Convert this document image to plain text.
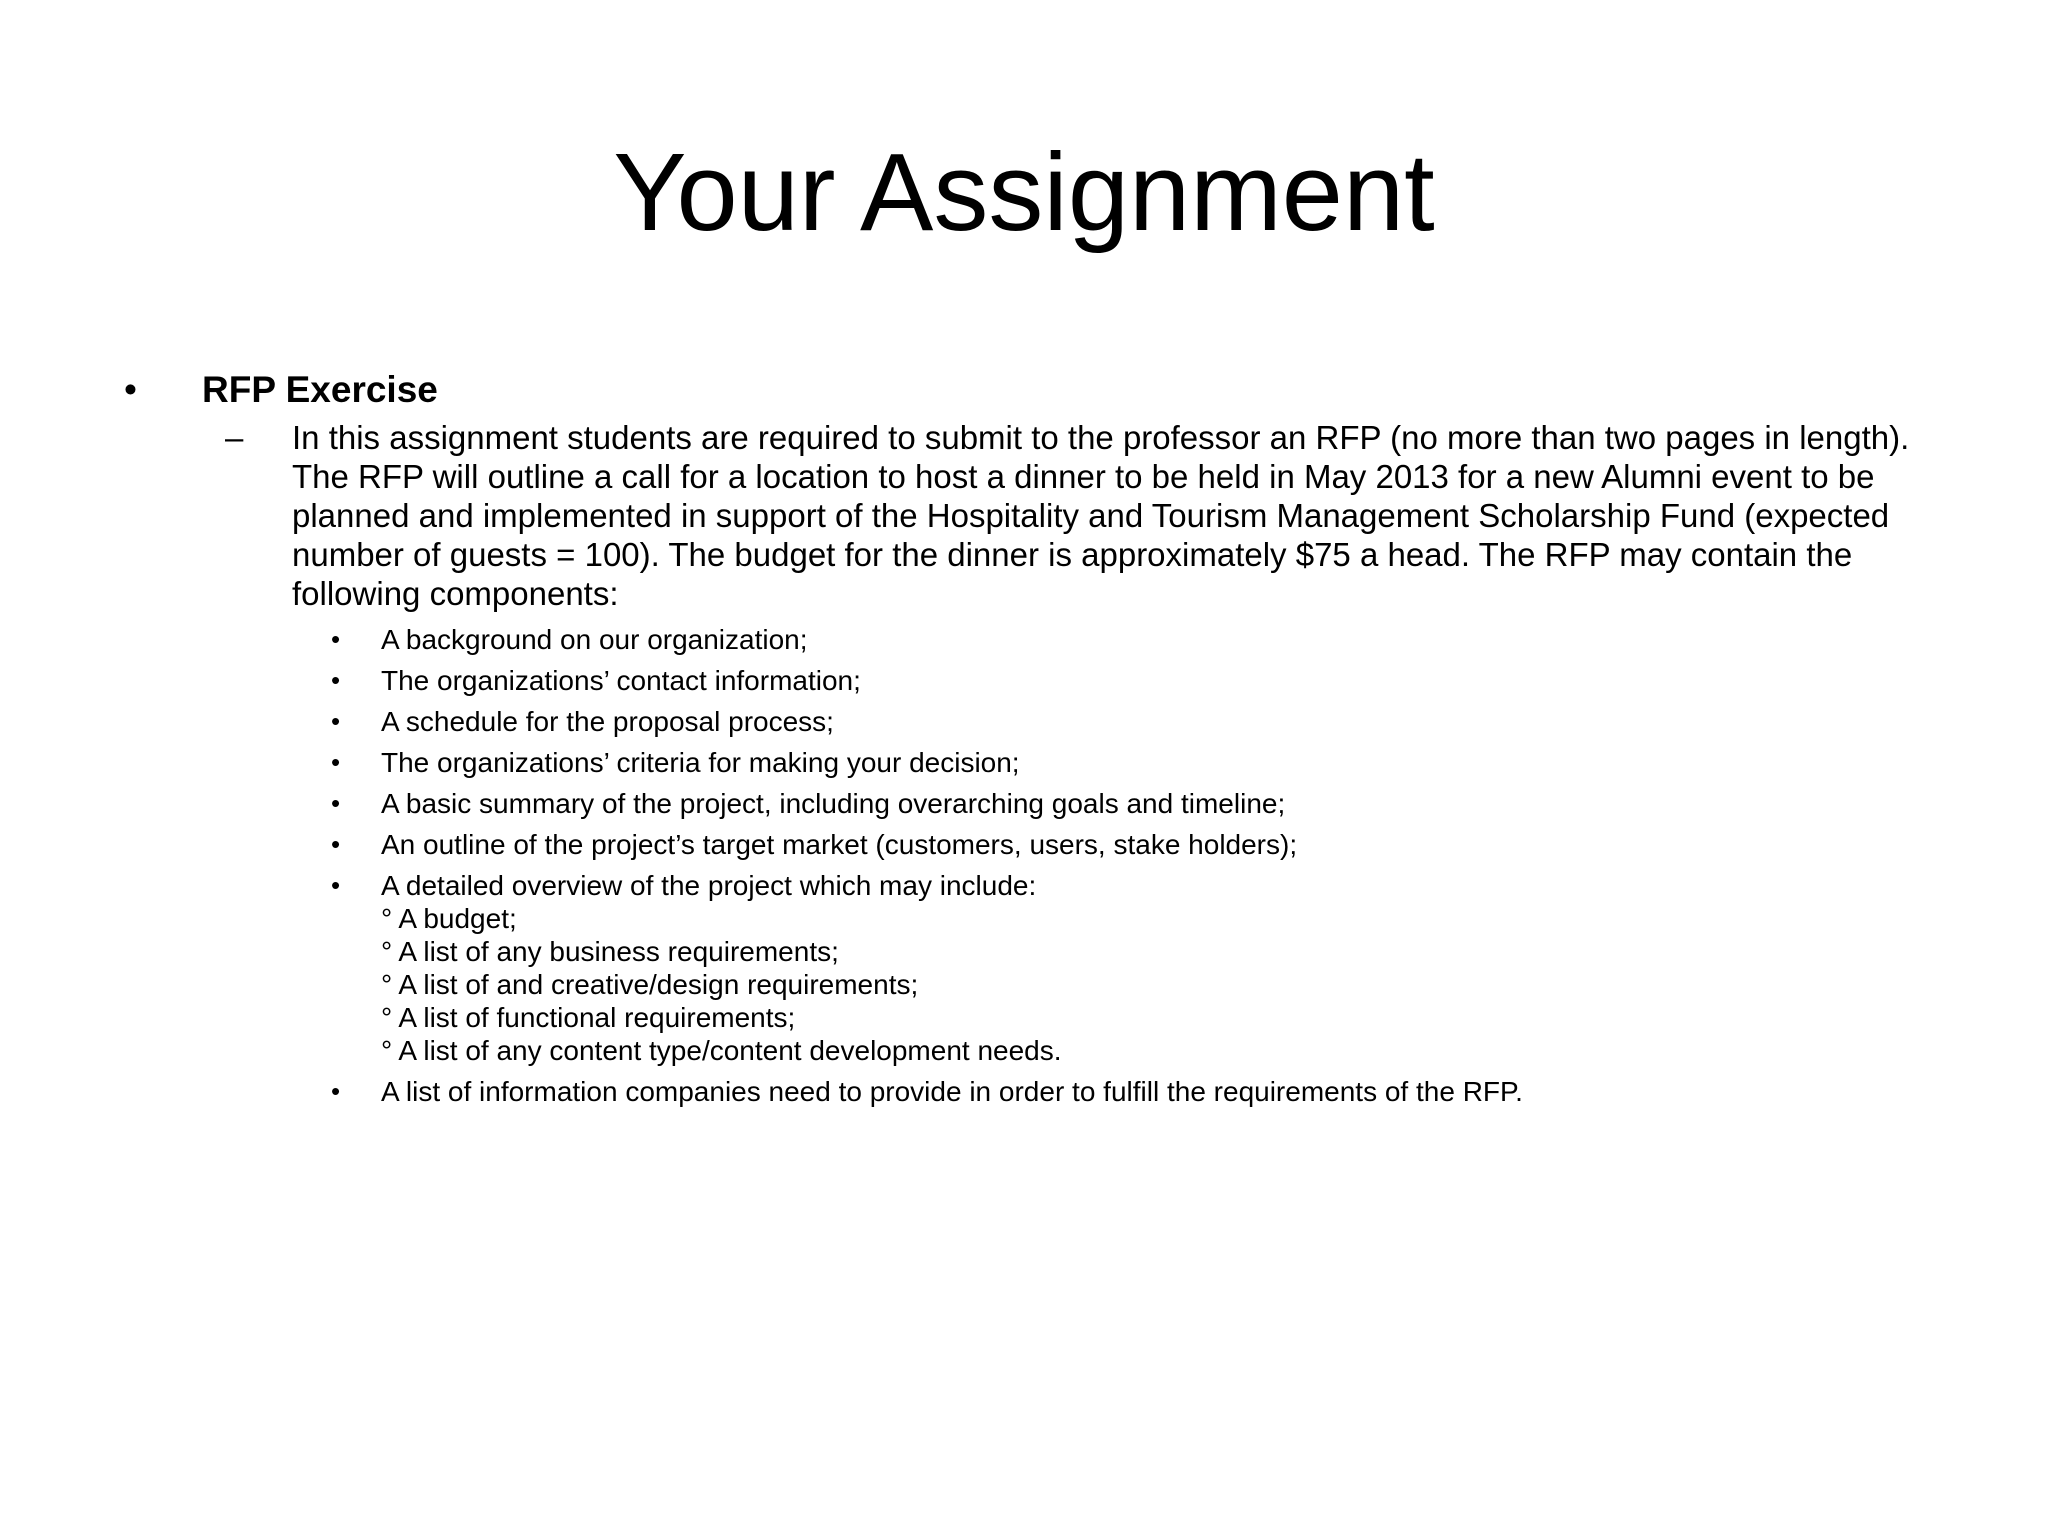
Your Assignment
• RFP Exercise
– In this assignment students are required to submit to the professor an RFP (no more than two pages in length). The RFP will outline a call for a location to host a dinner to be held in May 2013 for a new Alumni event to be planned and implemented in support of the Hospitality and Tourism Management Scholarship Fund (expected number of guests = 100). The budget for the dinner is approximately $75 a head. The RFP may contain the following components:
• A background on our organization;
• The organizations’ contact information;
• A schedule for the proposal process;
• The organizations’ criteria for making your decision;
• A basic summary of the project, including overarching goals and timeline;
• An outline of the project’s target market (customers, users, stake holders);
• A detailed overview of the project which may include:
° A budget;
° A list of any business requirements;
° A list of and creative/design requirements;
° A list of functional requirements;
° A list of any content type/content development needs.
• A list of information companies need to provide in order to fulfill the requirements of the RFP.
